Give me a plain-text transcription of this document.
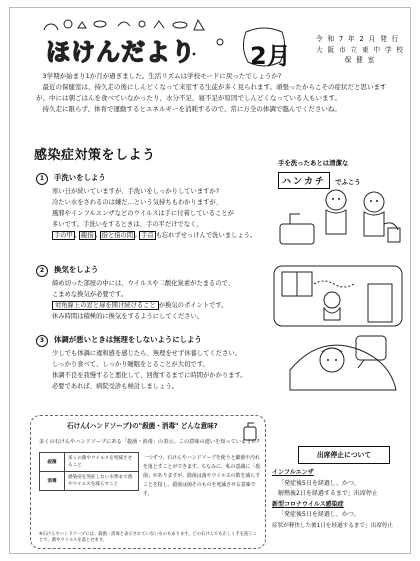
ほけんだより 2月
令 和 7 年 2 月 発 行
大 阪 市 立 東 中 学 校
保 健 室

3学期が始まり1か月が過ぎました。生活リズムは学校モードに戻ったでしょうか?

最近の保健室は、持久走の後にしんどくなって来室する生徒が多く見られます。頑張ったからこその症状だと思いますが、中には朝ごはんを食べていなかったり、水分不足、寝不足が原因でしんどくなっている人もいます。

持久走に限らず、体育で運動するとエネルギーを消耗するので、常に万全の体調で臨んでくださいね。

感染症対策をしよう
1 手洗いをしよう
寒い日が続いていますが、手洗いをしっかりしていますか?
冷たい水をさわるのは嫌だ…という気持ちもわかりますが、
風邪やインフルエンザなどのウイルスは手に付着していることが
多いです。手洗いをするときは、手の平だけでなく、
手の甲 , 親指 , 指と指の間 , 手首 も忘れずせっけんで洗いましょう。
2 換気をしよう
締め切った部屋の中には、ウイルスや二酸化炭素がたまるので、
こまめな換気が必要です。
対角線上の窓と扉を開け続けること が換気のポイントです。
休み時間は積極的に換気をするようにしてください。
3 体調が悪いときは無理をしないようにしよう
少しでも体調に違和感を感じたら、無理をせず休養してください。
しっかり食べて、しっかり睡眠をとることが大切です。
体調不良を我慢すると悪化して、回復するまでに時間がかかります。
必要であれば、病院受診も検討しましょう。
手を洗ったあとは清潔な
ハンカチ でふこう
石けん(ハンドソープ)の"殺菌・消毒" どんな意味?
多くの石けんやハンドソープにある「殺菌・消毒」の表示。この意味の違いを知っていますか?
殺菌	多くの菌やウイルスを死滅させること
消毒	感染症を発症しない水準まで菌やウイルスを減らすこと
一つずつ、石けんやハンドソープを使うと細菌や汚れを落とすことができます。ちなみに、私の意識に「殺菌」がありますが、除菌は菌やウイルスの数を減らすことを指し、殺菌は菌そのものを死滅させる意味です。
※石けんやハンドソープには、殺菌・消毒と表示されていないものもあります。どの石けんでも正しく手を洗うことで、菌やウイルスを落とせます。
出席停止について
インフルエンザ
「発症後5日を経過し、かつ、
解熱後2日を経過するまで」出席停止
新型コロナウイルス感染症
「発症後5日を経過し、かつ、
症状が軽快した後1日を経過するまで」出席停止
